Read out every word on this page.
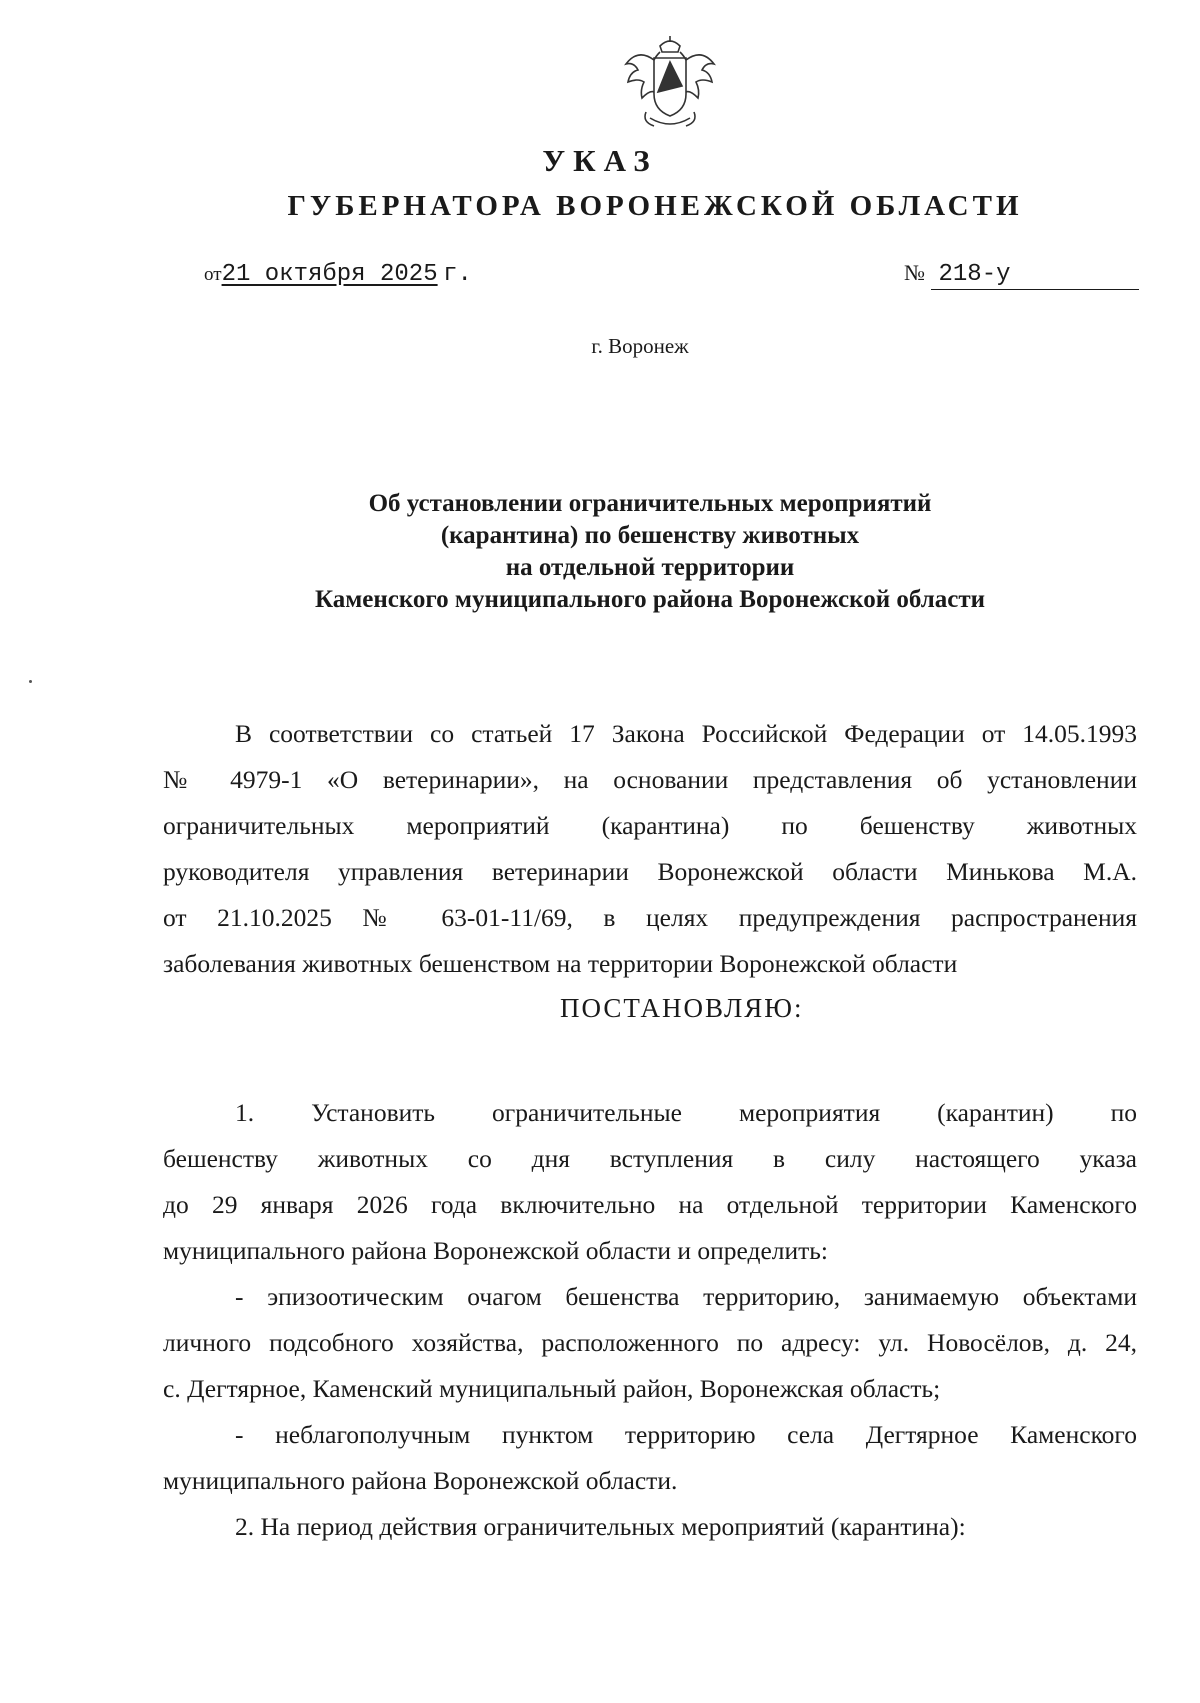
УКАЗ
ГУБЕРНАТОРА ВОРОНЕЖСКОЙ ОБЛАСТИ
от21 октября 2025 г.	№ 218-у
г. Воронеж
Об установлении ограничительных мероприятий
(карантина) по бешенству животных
на отдельной территории
Каменского муниципального района Воронежской области
В соответствии со статьей 17 Закона Российской Федерации от 14.05.1993
№ 4979-1 «О ветеринарии», на основании представления об установлении
ограничительных мероприятий (карантина) по бешенству животных
руководителя управления ветеринарии Воронежской области Минькова М.А.
от 21.10.2025 № 63-01-11/69, в целях предупреждения распространения
заболевания животных бешенством на территории Воронежской области
ПОСТАНОВЛЯЮ:
1. Установить ограничительные мероприятия (карантин) по
бешенству животных со дня вступления в силу настоящего указа
до 29 января 2026 года включительно на отдельной территории Каменского
муниципального района Воронежской области и определить:
- эпизоотическим очагом бешенства территорию, занимаемую объектами
личного подсобного хозяйства, расположенного по адресу: ул. Новосёлов, д. 24,
с. Дегтярное, Каменский муниципальный район, Воронежская область;
- неблагополучным пунктом территорию села Дегтярное Каменского
муниципального района Воронежской области.
2. На период действия ограничительных мероприятий (карантина):
